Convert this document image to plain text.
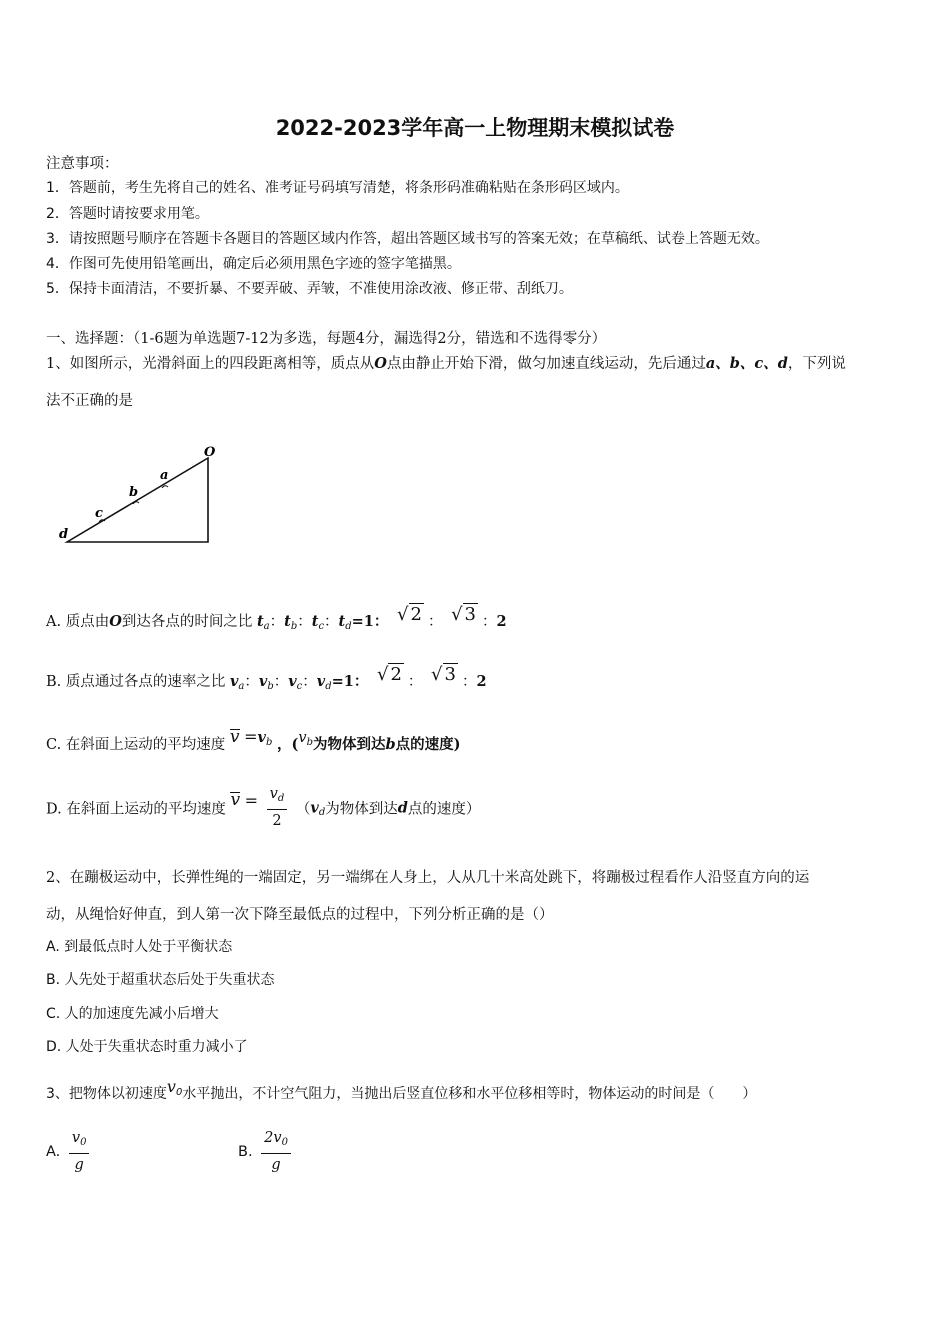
2022-2023学年高一上物理期末模拟试卷
注意事项：
1．答题前，考生先将自己的姓名、准考证号码填写清楚，将条形码准确粘贴在条形码区域内。
2．答题时请按要求用笔。
3．请按照题号顺序在答题卡各题目的答题区域内作答，超出答题区域书写的答案无效；在草稿纸、试卷上答题无效。
4．作图可先使用铅笔画出，确定后必须用黑色字迹的签字笔描黑。
5．保持卡面清洁，不要折暴、不要弄破、弄皱，不准使用涂改液、修正带、刮纸刀。
一、选择题：（1-6题为单选题7-12为多选，每题4分，漏选得2分，错选和不选得零分）
1、如图所示，光滑斜面上的四段距离相等，质点从O点由静止开始下滑，做匀加速直线运动，先后通过a、b、c、d，下列说
法不正确的是
O
a
b
c
d
A. 质点由O到达各点的时间之比 $t_a$：$t_b$：$t_c$：$t_d=1$： √ 2 ： √ 3 ：2
B. 质点通过各点的速率之比 $v_a$：$v_b$：$v_c$：$v_d=1$： √ 2 ： √ 3 ：2
C. 在斜面上运动的平均速度 $v =v^b$ ，($v^b$为物体到达b点的速度)
D. 在斜面上运动的平均速度 $v = \frac{v_d}{2} (v_d$为物体到达d点的速度）
2、在蹦极运动中，长弹性绳的一端固定，另一端绑在人身上，人从几十米高处跳下，将蹦极过程看作人沿竖直方向的运
动，从绳恰好伸直，到人第一次下降至最低点的过程中，下列分析正确的是（）
A. 到最低点时人处于平衡状态
B. 人先处于超重状态后处于失重状态
C. 人的加速度先减小后增大
D. 人处于失重状态时重力减小了
3、把物体以初速度$v^0$水平抛出，不计空气阻力，当抛出后竖直位移和水平位移相等时，物体运动的时间是（　　）
A. $\frac{v_0}{g}$	B. $\frac{2v_0}{g}$
